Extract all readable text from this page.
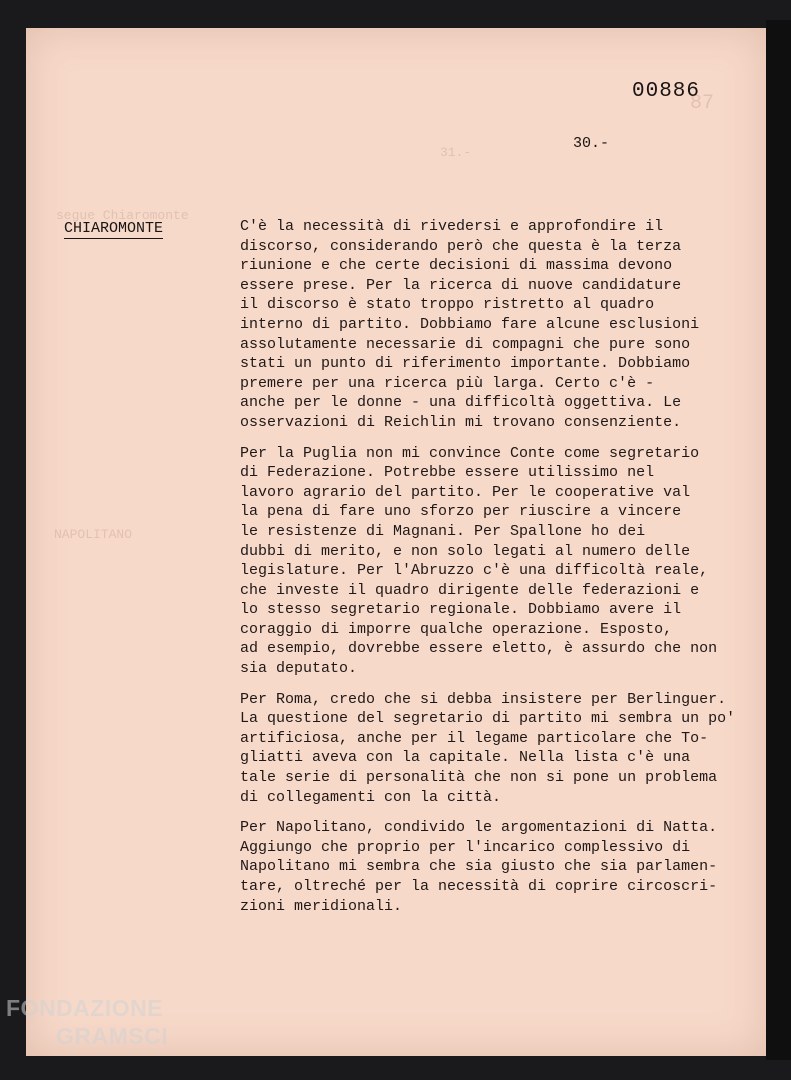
87
31.-
segue Chiaromonte
NAPOLITANO
00886
30.-
CHIAROMONTE	C'è la necessità di rivedersi e approfondire il
discorso, considerando però che questa è la terza
riunione e che certe decisioni di massima devono
essere prese. Per la ricerca di nuove candidature
il discorso è stato troppo ristretto al quadro
interno di partito. Dobbiamo fare alcune esclusioni
assolutamente necessarie di compagni che pure sono
stati un punto di riferimento importante. Dobbiamo
premere per una ricerca più larga. Certo c'è -
anche per le donne - una difficoltà oggettiva. Le
osservazioni di Reichlin mi trovano consenziente.

Per la Puglia non mi convince Conte come segretario
di Federazione. Potrebbe essere utilissimo nel
lavoro agrario del partito. Per le cooperative val
la pena di fare uno sforzo per riuscire a vincere
le resistenze di Magnani. Per Spallone ho dei
dubbi di merito, e non solo legati al numero delle
legislature. Per l'Abruzzo c'è una difficoltà reale,
che investe il quadro dirigente delle federazioni e
lo stesso segretario regionale. Dobbiamo avere il
coraggio di imporre qualche operazione. Esposto,
ad esempio, dovrebbe essere eletto, è assurdo che non
sia deputato.

Per Roma, credo che si debba insistere per Berlinguer.
La questione del segretario di partito mi sembra un po'
artificiosa, anche per il legame particolare che To-
gliatti aveva con la capitale. Nella lista c'è una
tale serie di personalità che non si pone un problema
di collegamenti con la città.

Per Napolitano, condivido le argomentazioni di Natta.
Aggiungo che proprio per l'incarico complessivo di
Napolitano mi sembra che sia giusto che sia parlamen-
tare, oltreché per la necessità di coprire circoscri-
zioni meridionali.

FONDAZIONE
GRAMSCI
